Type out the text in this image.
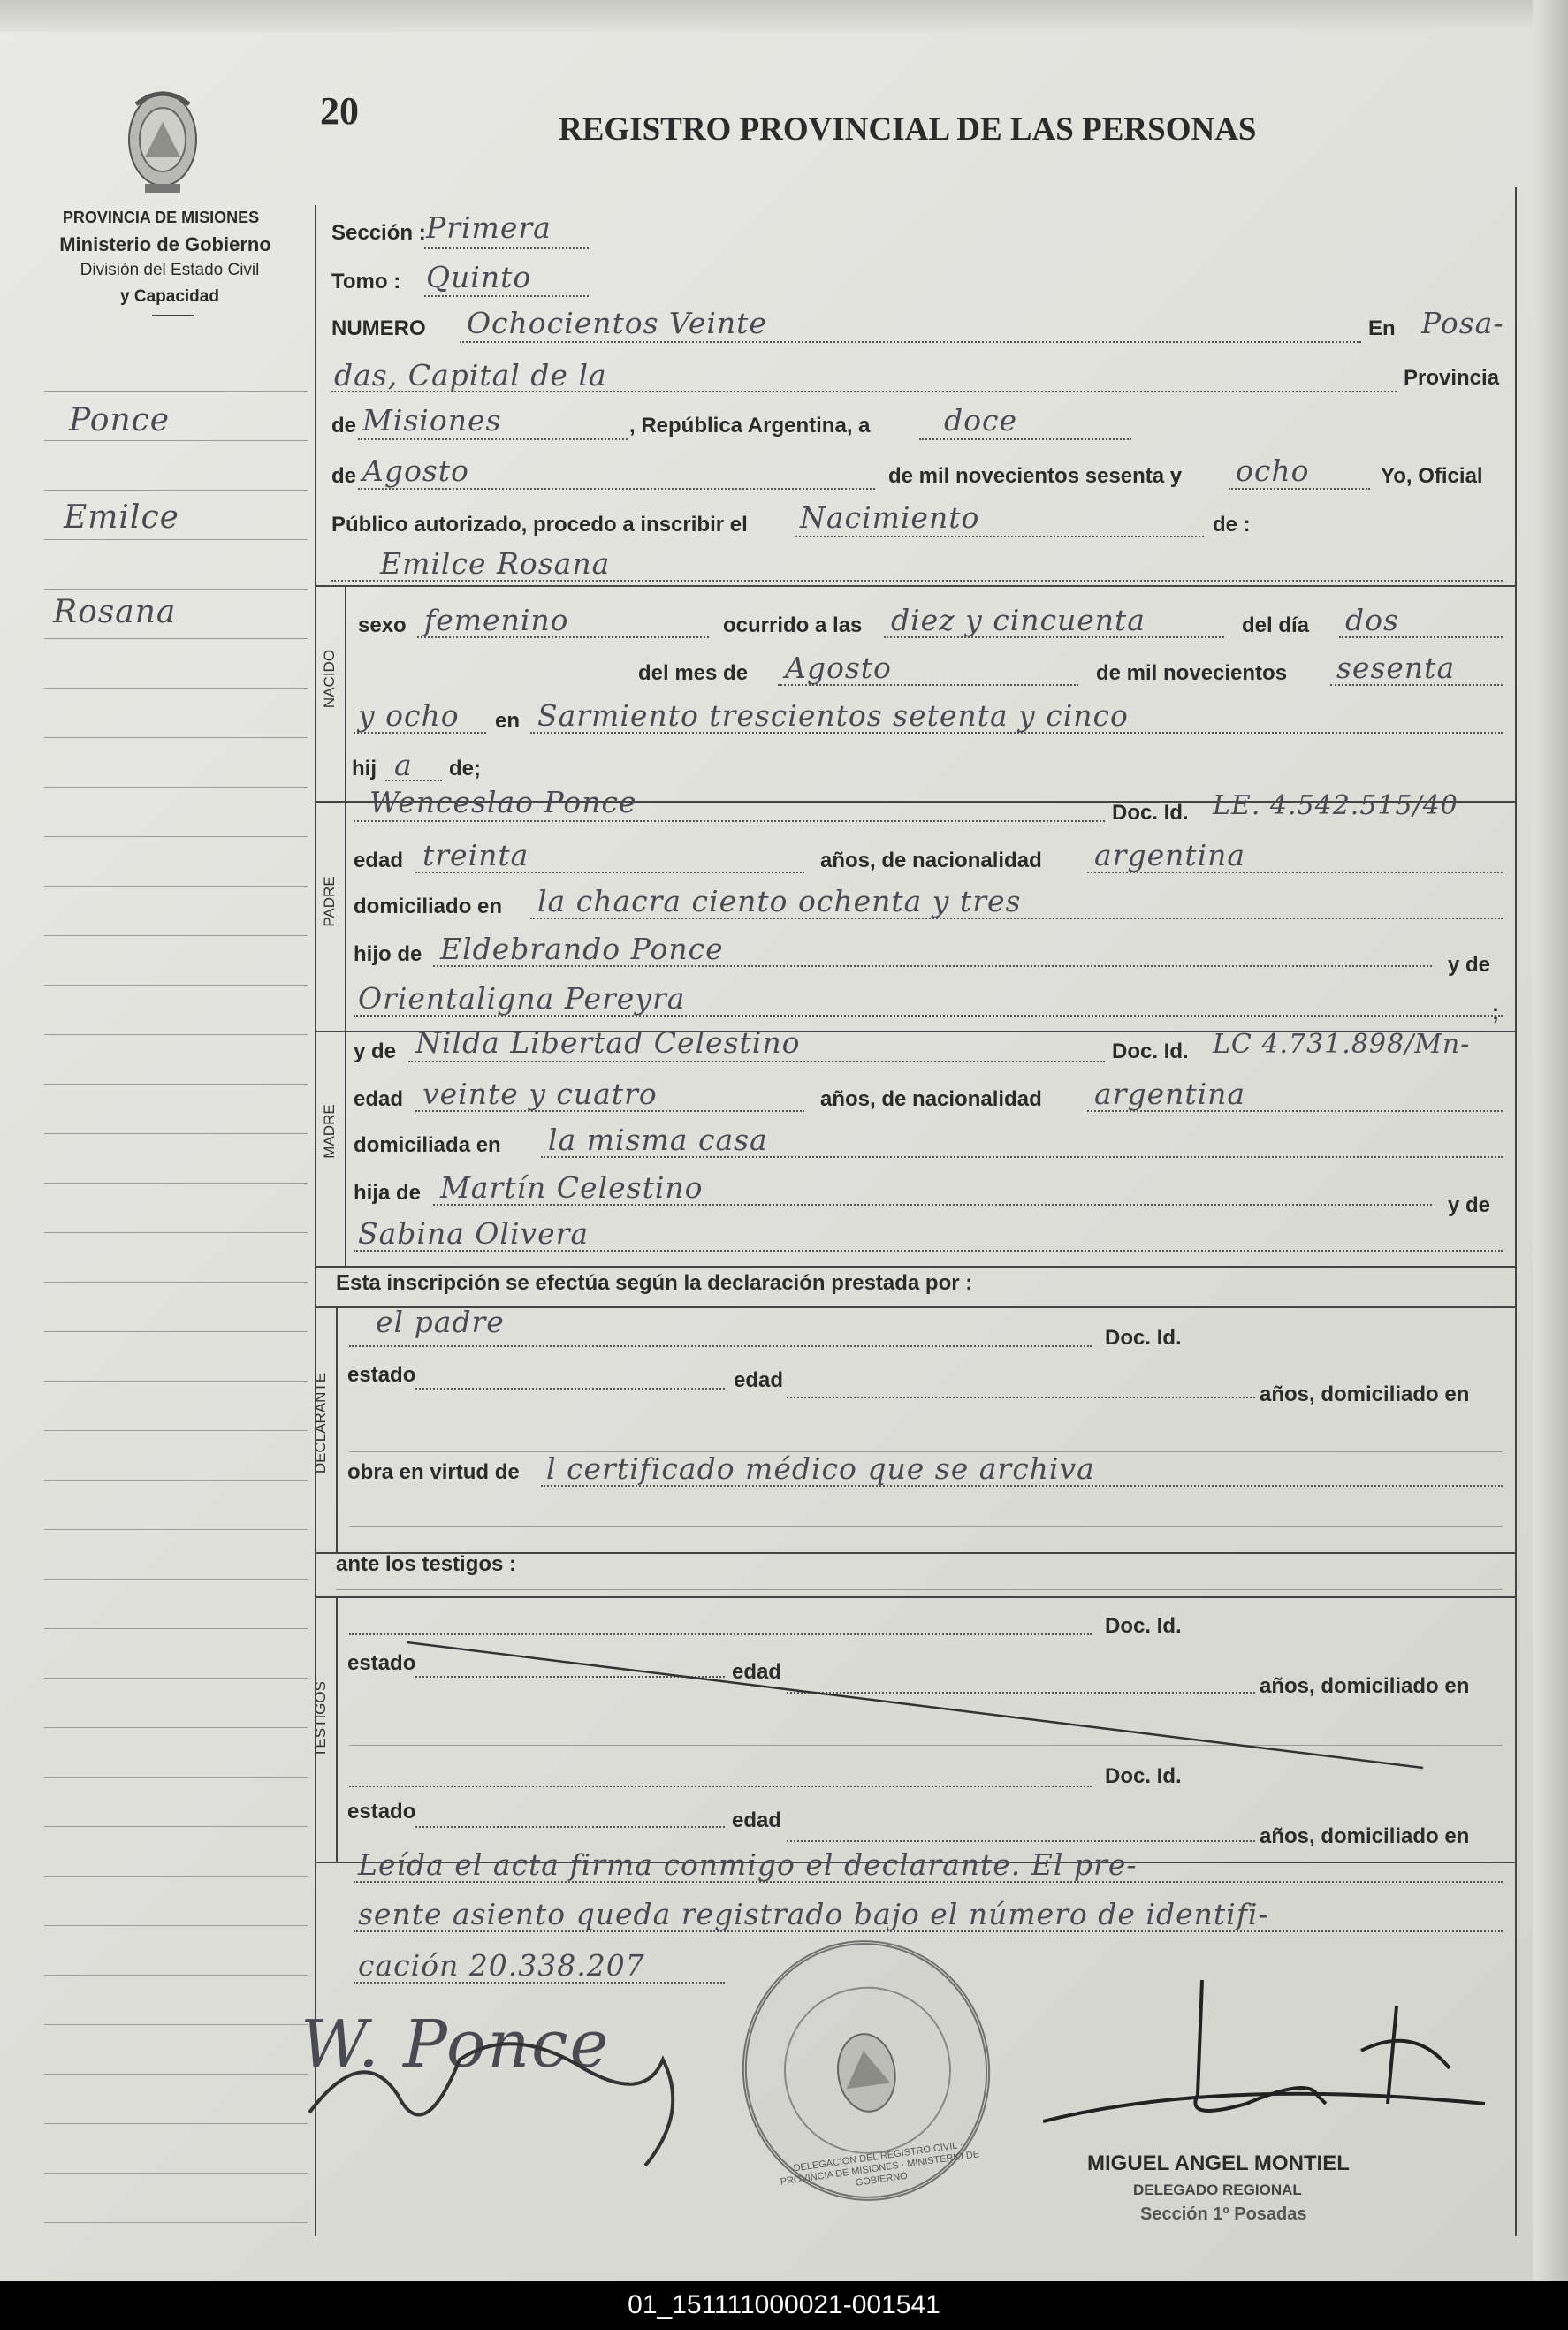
20	REGISTRO PROVINCIAL DE LAS PERSONAS
PROVINCIA DE MISIONES
Ministerio de Gobierno
División del Estado Civil
y Capacidad
Ponce
Emilce
Rosana
Sección : Primera
Tomo : Quinto
NUMERO Ochocientos Veinte	En Posa-
das, Capital de la	Provincia
de Misiones	, República Argentina, a	doce
de Agosto	de mil novecientos sesenta y ocho	Yo, Oficial
Público autorizado, procedo a inscribir el Nacimiento	de :
NACIDO
Emilce Rosana
sexo femenino	ocurrido a las diez y cincuenta	del día dos
del mes de Agosto	de mil novecientos sesenta
y ocho en Sarmiento trescientos setenta y cinco
hij a de;
PADRE
Wenceslao Ponce	Doc. Id. LE. 4.542.515/40
edad treinta	años, de nacionalidad argentina
domiciliado en la chacra ciento ochenta y tres
hijo de Eldebrando Ponce	y de
Orientaligna Pereyra	;
MADRE
y de Nilda Libertad Celestino	Doc. Id. LC 4.731.898/Mn-
edad veinte y cuatro	años, de nacionalidad argentina
domiciliada en la misma casa
hija de Martín Celestino
y de
Sabina Olivera
Esta inscripción se efectúa según la declaración prestada por :
DECLARANTE
el padre	Doc. Id.
estado	edad
años, domiciliado en
obra en virtud de l certificado médico que se archiva
ante los testigos :
TESTIGOS
Doc. Id.
estado	edad
años, domiciliado en
Doc. Id.
estado	edad
años, domiciliado en
Leída el acta firma conmigo el declarante. El pre-
sente asiento queda registrado bajo el número de identifi-
cación 20.338.207
W. Ponce
DELEGACION DEL REGISTRO CIVIL · PROVINCIA DE MISIONES · MINISTERIO DE GOBIERNO
MIGUEL ANGEL MONTIEL
DELEGADO REGIONAL
Sección 1º Posadas
01_151111000021-001541
